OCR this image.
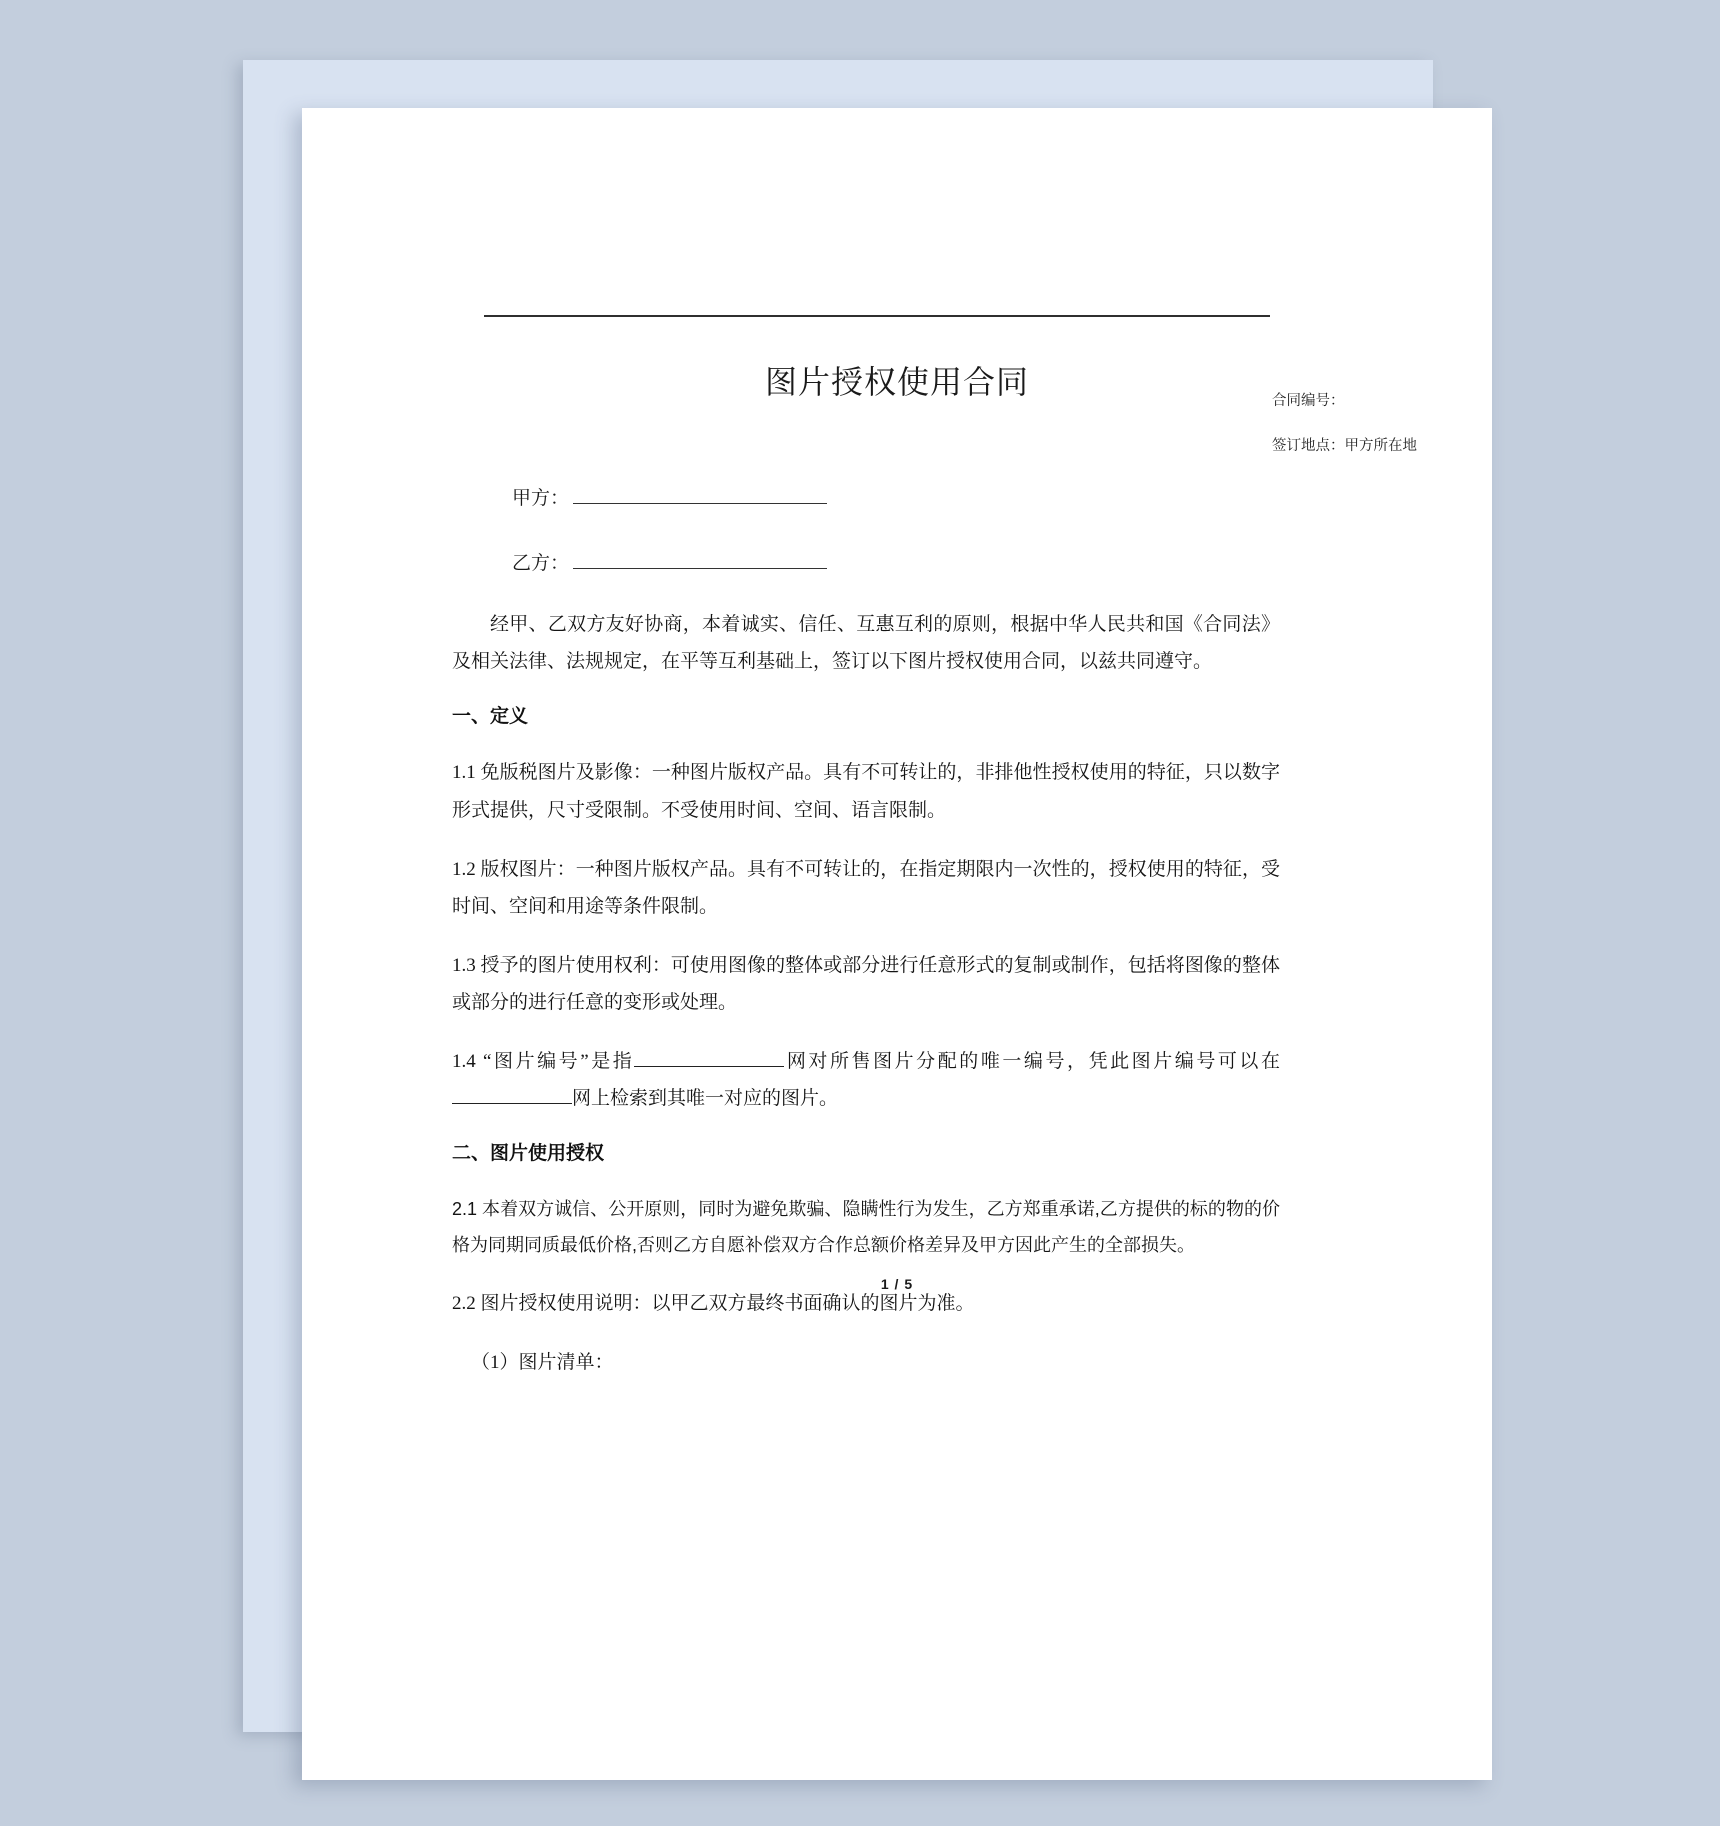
图片授权使用合同
合同编号：
签订地点：甲方所在地
甲方：
乙方：

经甲、乙双方友好协商，本着诚实、信任、互惠互利的原则，根据中华人民共和国《合同法》及相关法律、法规规定，在平等互利基础上，签订以下图片授权使用合同，以兹共同遵守。

一、定义

1.1 免版税图片及影像：一种图片版权产品。具有不可转让的，非排他性授权使用的特征，只以数字形式提供，尺寸受限制。不受使用时间、空间、语言限制。

1.2 版权图片：一种图片版权产品。具有不可转让的，在指定期限内一次性的，授权使用的特征，受时间、空间和用途等条件限制。

1.3 授予的图片使用权利：可使用图像的整体或部分进行任意形式的复制或制作，包括将图像的整体或部分的进行任意的变形或处理。

1.4 “图片编号”是指	网对所售图片分配的唯一编号，凭此图片编号可以在网上检索到其唯一对应的图片。

二、图片使用授权

2.1 本着双方诚信、公开原则，同时为避免欺骗、隐瞒性行为发生，乙方郑重承诺,乙方提供的标的物的价格为同期同质最低价格,否则乙方自愿补偿双方合作总额价格差异及甲方因此产生的全部损失。

2.2 图片授权使用说明：以甲乙双方最终书面确认的图片为准。

（1）图片清单：

1 / 5
